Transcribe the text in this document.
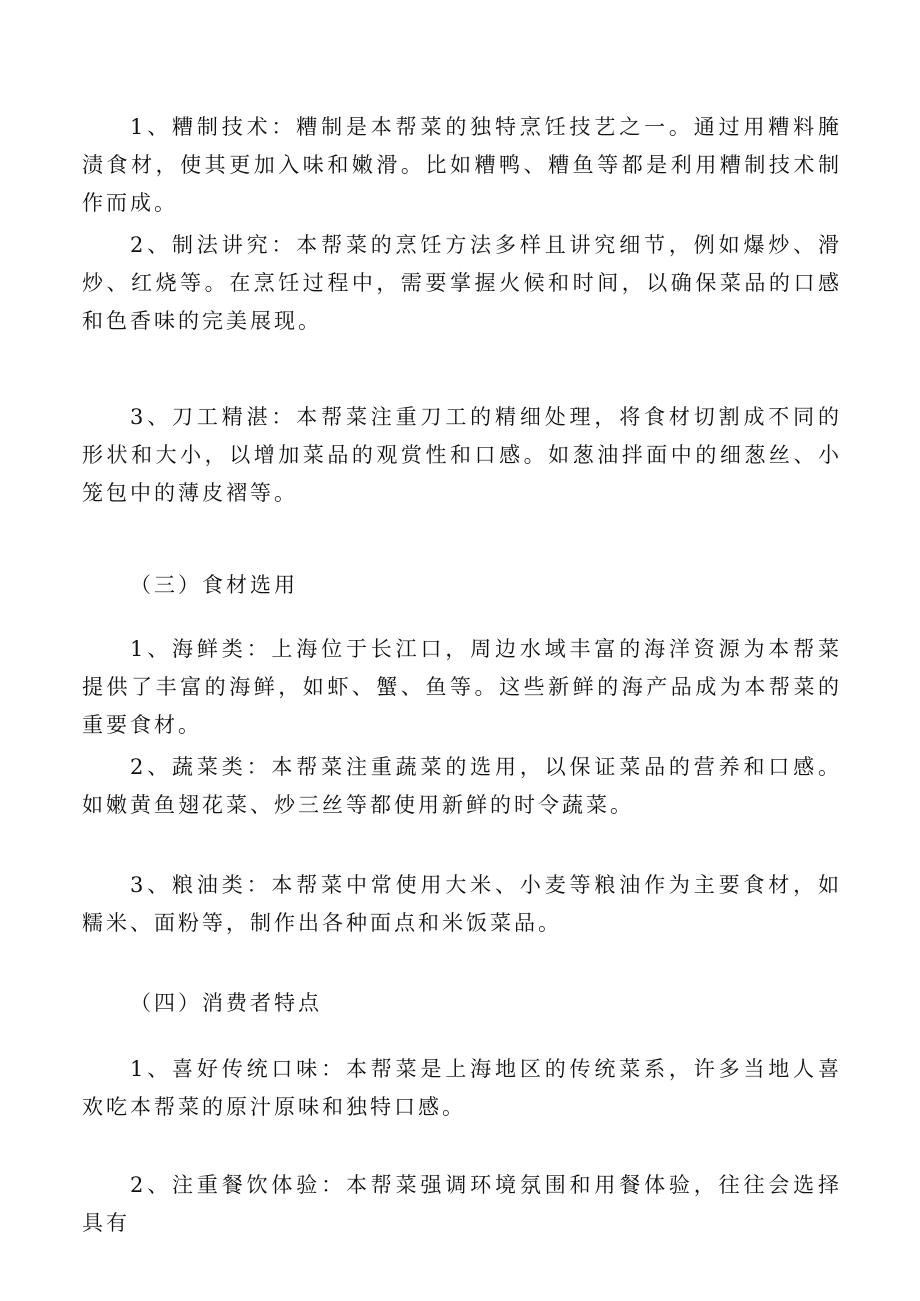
1、糟制技术：糟制是本帮菜的独特烹饪技艺之一。通过用糟料腌渍食材，使其更加入味和嫩滑。比如糟鸭、糟鱼等都是利用糟制技术制作而成。

2、制法讲究：本帮菜的烹饪方法多样且讲究细节，例如爆炒、滑炒、红烧等。在烹饪过程中，需要掌握火候和时间，以确保菜品的口感和色香味的完美展现。

3、刀工精湛：本帮菜注重刀工的精细处理，将食材切割成不同的形状和大小，以增加菜品的观赏性和口感。如葱油拌面中的细葱丝、小笼包中的薄皮褶等。

（三）食材选用

1、海鲜类：上海位于长江口，周边水域丰富的海洋资源为本帮菜提供了丰富的海鲜，如虾、蟹、鱼等。这些新鲜的海产品成为本帮菜的重要食材。

2、蔬菜类：本帮菜注重蔬菜的选用，以保证菜品的营养和口感。如嫩黄鱼翅花菜、炒三丝等都使用新鲜的时令蔬菜。

3、粮油类：本帮菜中常使用大米、小麦等粮油作为主要食材，如糯米、面粉等，制作出各种面点和米饭菜品。

（四）消费者特点

1、喜好传统口味：本帮菜是上海地区的传统菜系，许多当地人喜欢吃本帮菜的原汁原味和独特口感。

2、注重餐饮体验：本帮菜强调环境氛围和用餐体验，往往会选择具有
